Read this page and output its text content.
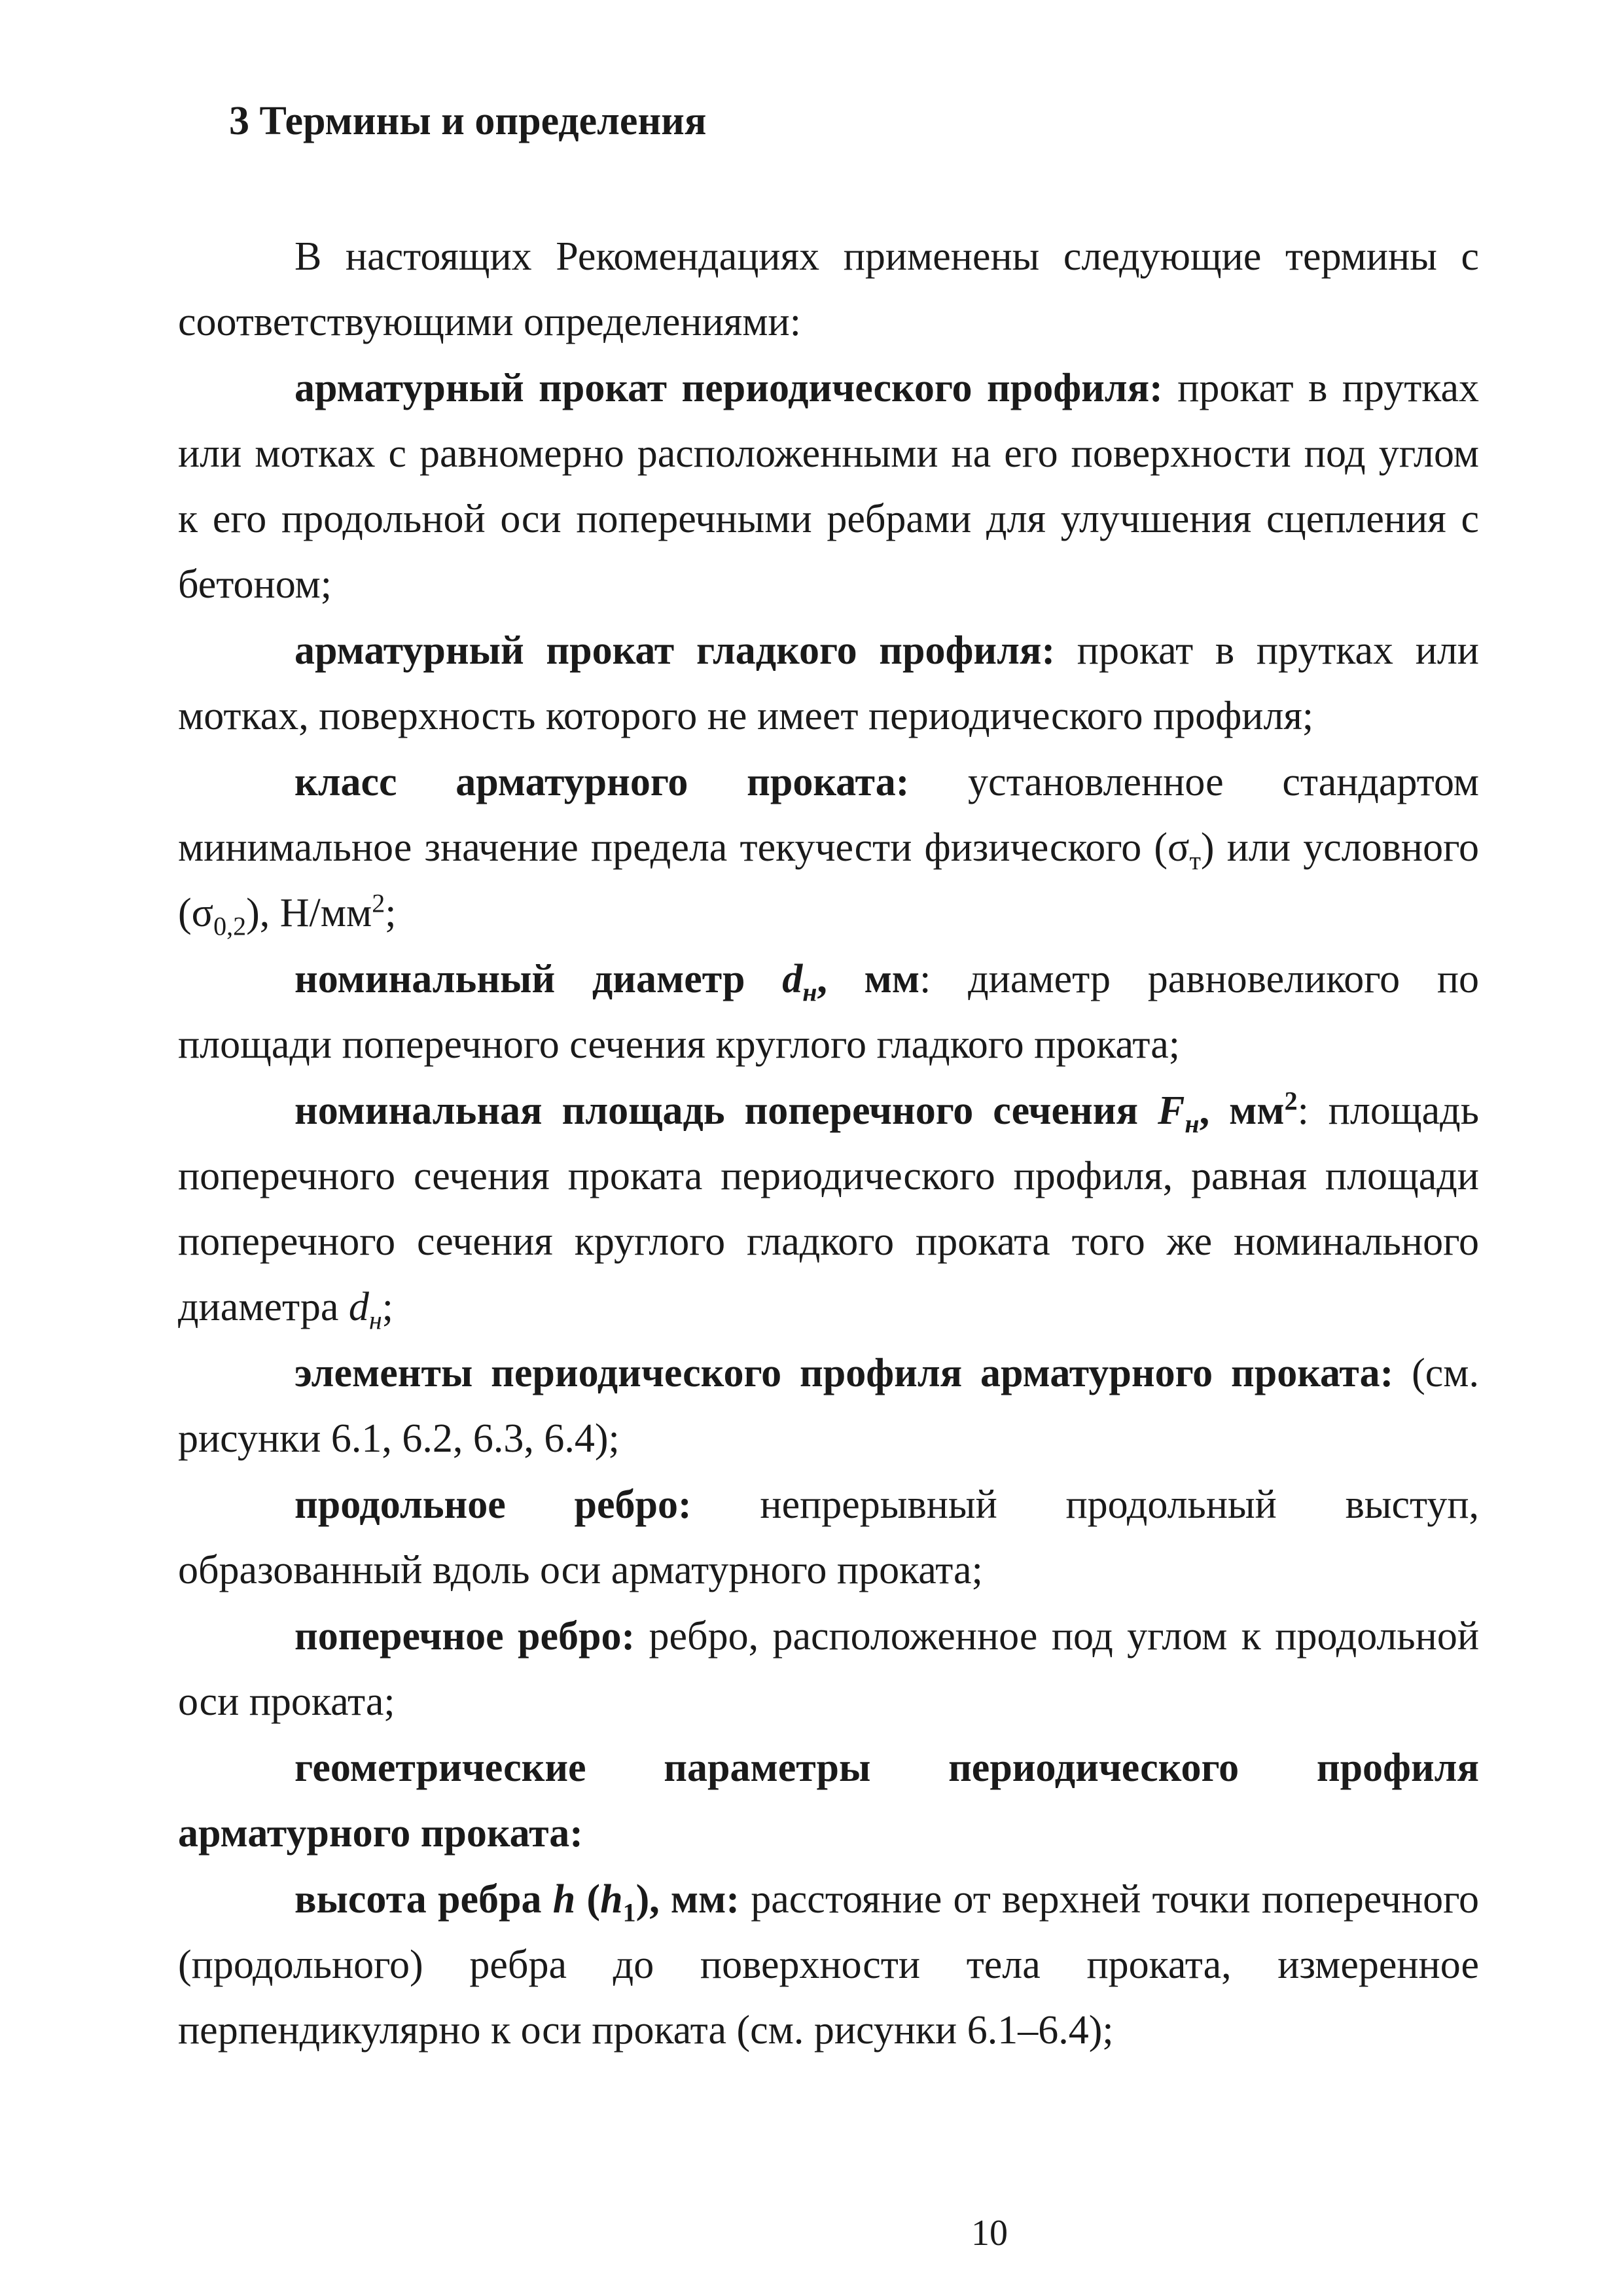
3 Термины и определения

В настоящих Рекомендациях применены следующие термины с соответствующими определениями:

арматурный прокат периодического профиля: прокат в прутках или мотках с равномерно расположенными на его поверхности под углом к его продольной оси поперечными ребрами для улучшения сцепления с бетоном;

арматурный прокат гладкого профиля: прокат в прутках или мотках, поверхность которого не имеет периодического профиля;

класс арматурного проката: установленное стандартом минимальное значение предела текучести физического $(\sigma_т)$ или условного $(\sigma_{0,2})$, $Н/мм^2$;

номинальный диаметр $d_н$, мм: диаметр равновеликого по площади поперечного сечения круглого гладкого проката;

номинальная площадь поперечного сечения $F_н$, $мм^2$: площадь поперечного сечения проката периодического профиля, равная площади поперечного сечения круглого гладкого проката того же номинального диаметра $d_н$;

элементы периодического профиля арматурного проката: (см. рисунки 6.1, 6.2, 6.3, 6.4);

продольное ребро: непрерывный продольный выступ, образованный вдоль оси арматурного проката;

поперечное ребро: ребро, расположенное под углом к продольной оси проката;

геометрические параметры периодического профиля арматурного проката:

высота ребра h $(h_1)$, мм: расстояние от верхней точки поперечного (продольного) ребра до поверхности тела проката, измеренное перпендикулярно к оси проката (см. рисунки 6.1–6.4);

10
